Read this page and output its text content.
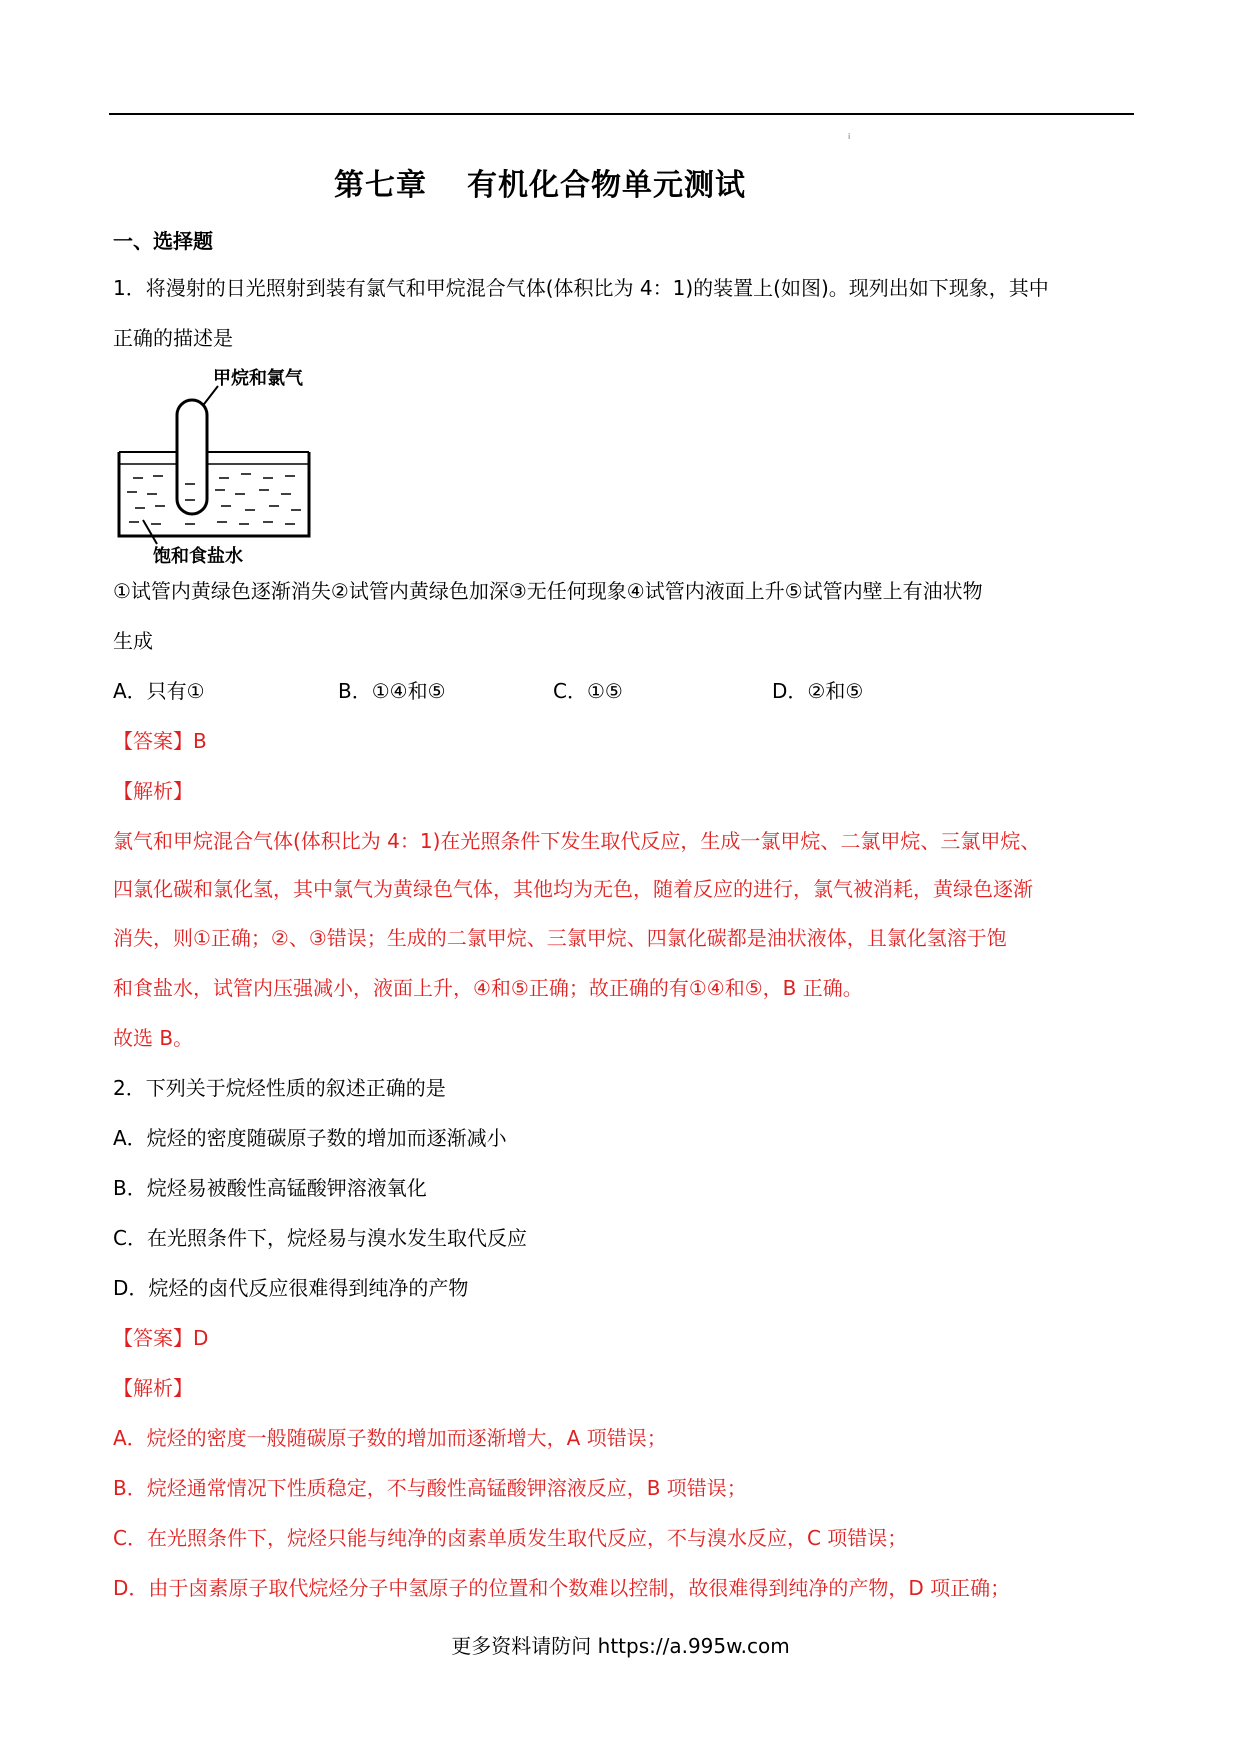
i
第七章 有机化合物单元测试
一、选择题
1．将漫射的日光照射到装有氯气和甲烷混合气体(体积比为 4：1)的装置上(如图)。现列出如下现象，其中
正确的描述是
甲烷和氯气
饱和食盐水
①试管内黄绿色逐渐消失②试管内黄绿色加深③无任何现象④试管内液面上升⑤试管内壁上有油状物
生成
A．只有①	B．①④和⑤	C．①⑤	D．②和⑤
【答案】B
【解析】
氯气和甲烷混合气体(体积比为 4：1)在光照条件下发生取代反应，生成一氯甲烷、二氯甲烷、三氯甲烷、
四氯化碳和氯化氢，其中氯气为黄绿色气体，其他均为无色，随着反应的进行，氯气被消耗，黄绿色逐渐
消失，则①正确；②、③错误；生成的二氯甲烷、三氯甲烷、四氯化碳都是油状液体，且氯化氢溶于饱
和食盐水，试管内压强减小，液面上升，④和⑤正确；故正确的有①④和⑤，B 正确。
故选 B。
2．下列关于烷烃性质的叙述正确的是
A．烷烃的密度随碳原子数的增加而逐渐减小
B．烷烃易被酸性高锰酸钾溶液氧化
C．在光照条件下，烷烃易与溴水发生取代反应
D．烷烃的卤代反应很难得到纯净的产物
【答案】D
【解析】
A．烷烃的密度一般随碳原子数的增加而逐渐增大，A 项错误；
B．烷烃通常情况下性质稳定，不与酸性高锰酸钾溶液反应，B 项错误；
C．在光照条件下，烷烃只能与纯净的卤素单质发生取代反应，不与溴水反应，C 项错误；
D．由于卤素原子取代烷烃分子中氢原子的位置和个数难以控制，故很难得到纯净的产物，D 项正确；
更多资料请防问 https://a.995w.com
